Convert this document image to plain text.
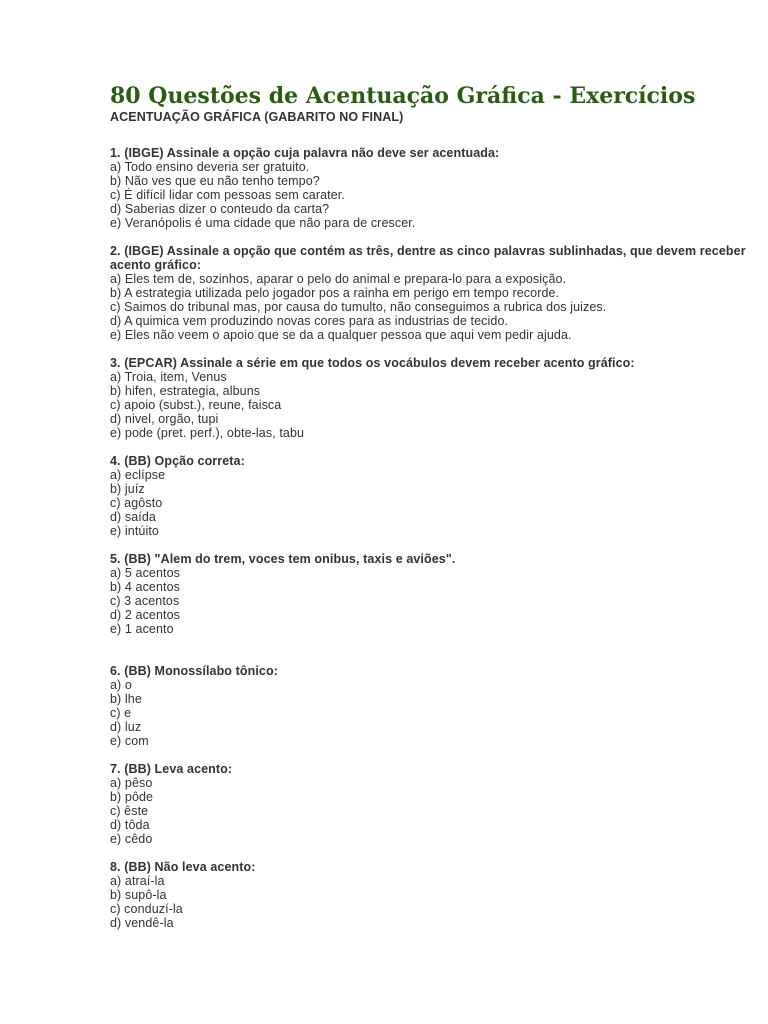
80 Questões de Acentuação Gráfica - Exercícios

ACENTUAÇÃO GRÁFICA (GABARITO NO FINAL)

1. (IBGE) Assinale a opção cuja palavra não deve ser acentuada:

a) Todo ensino deveria ser gratuito.

b) Não ves que eu não tenho tempo?

c) É difícil lidar com pessoas sem carater.

d) Saberias dizer o conteudo da carta?

e) Veranópolis é uma cidade que não para de crescer.

2. (IBGE) Assinale a opção que contém as três, dentre as cinco palavras sublinhadas, que devem receber acento gráfico:

a) Eles tem de, sozinhos, aparar o pelo do animal e prepara-lo para a exposição.

b) A estrategia utilizada pelo jogador pos a rainha em perigo em tempo recorde.

c) Saimos do tribunal mas, por causa do tumulto, não conseguimos a rubrica dos juizes.

d) A quimica vem produzindo novas cores para as industrias de tecido.

e) Eles não veem o apoio que se da a qualquer pessoa que aqui vem pedir ajuda.

3. (EPCAR) Assinale a série em que todos os vocábulos devem receber acento gráfico:

a) Troia, item, Venus

b) hifen, estrategia, albuns

c) apoio (subst.), reune, faisca

d) nivel, orgão, tupi

e) pode (pret. perf.), obte-las, tabu

4. (BB) Opção correta:

a) eclípse

b) juíz

c) agôsto

d) saída

e) intúito

5. (BB) "Alem do trem, voces tem onibus, taxis e aviões".

a) 5 acentos

b) 4 acentos

c) 3 acentos

d) 2 acentos

e) 1 acento

6. (BB) Monossílabo tônico:

a) o

b) lhe

c) e

d) luz

e) com

7. (BB) Leva acento:

a) pêso

b) pôde

c) êste

d) tôda

e) cêdo

8. (BB) Não leva acento:

a) atraí-la

b) supô-la

c) conduzí-la

d) vendê-la
